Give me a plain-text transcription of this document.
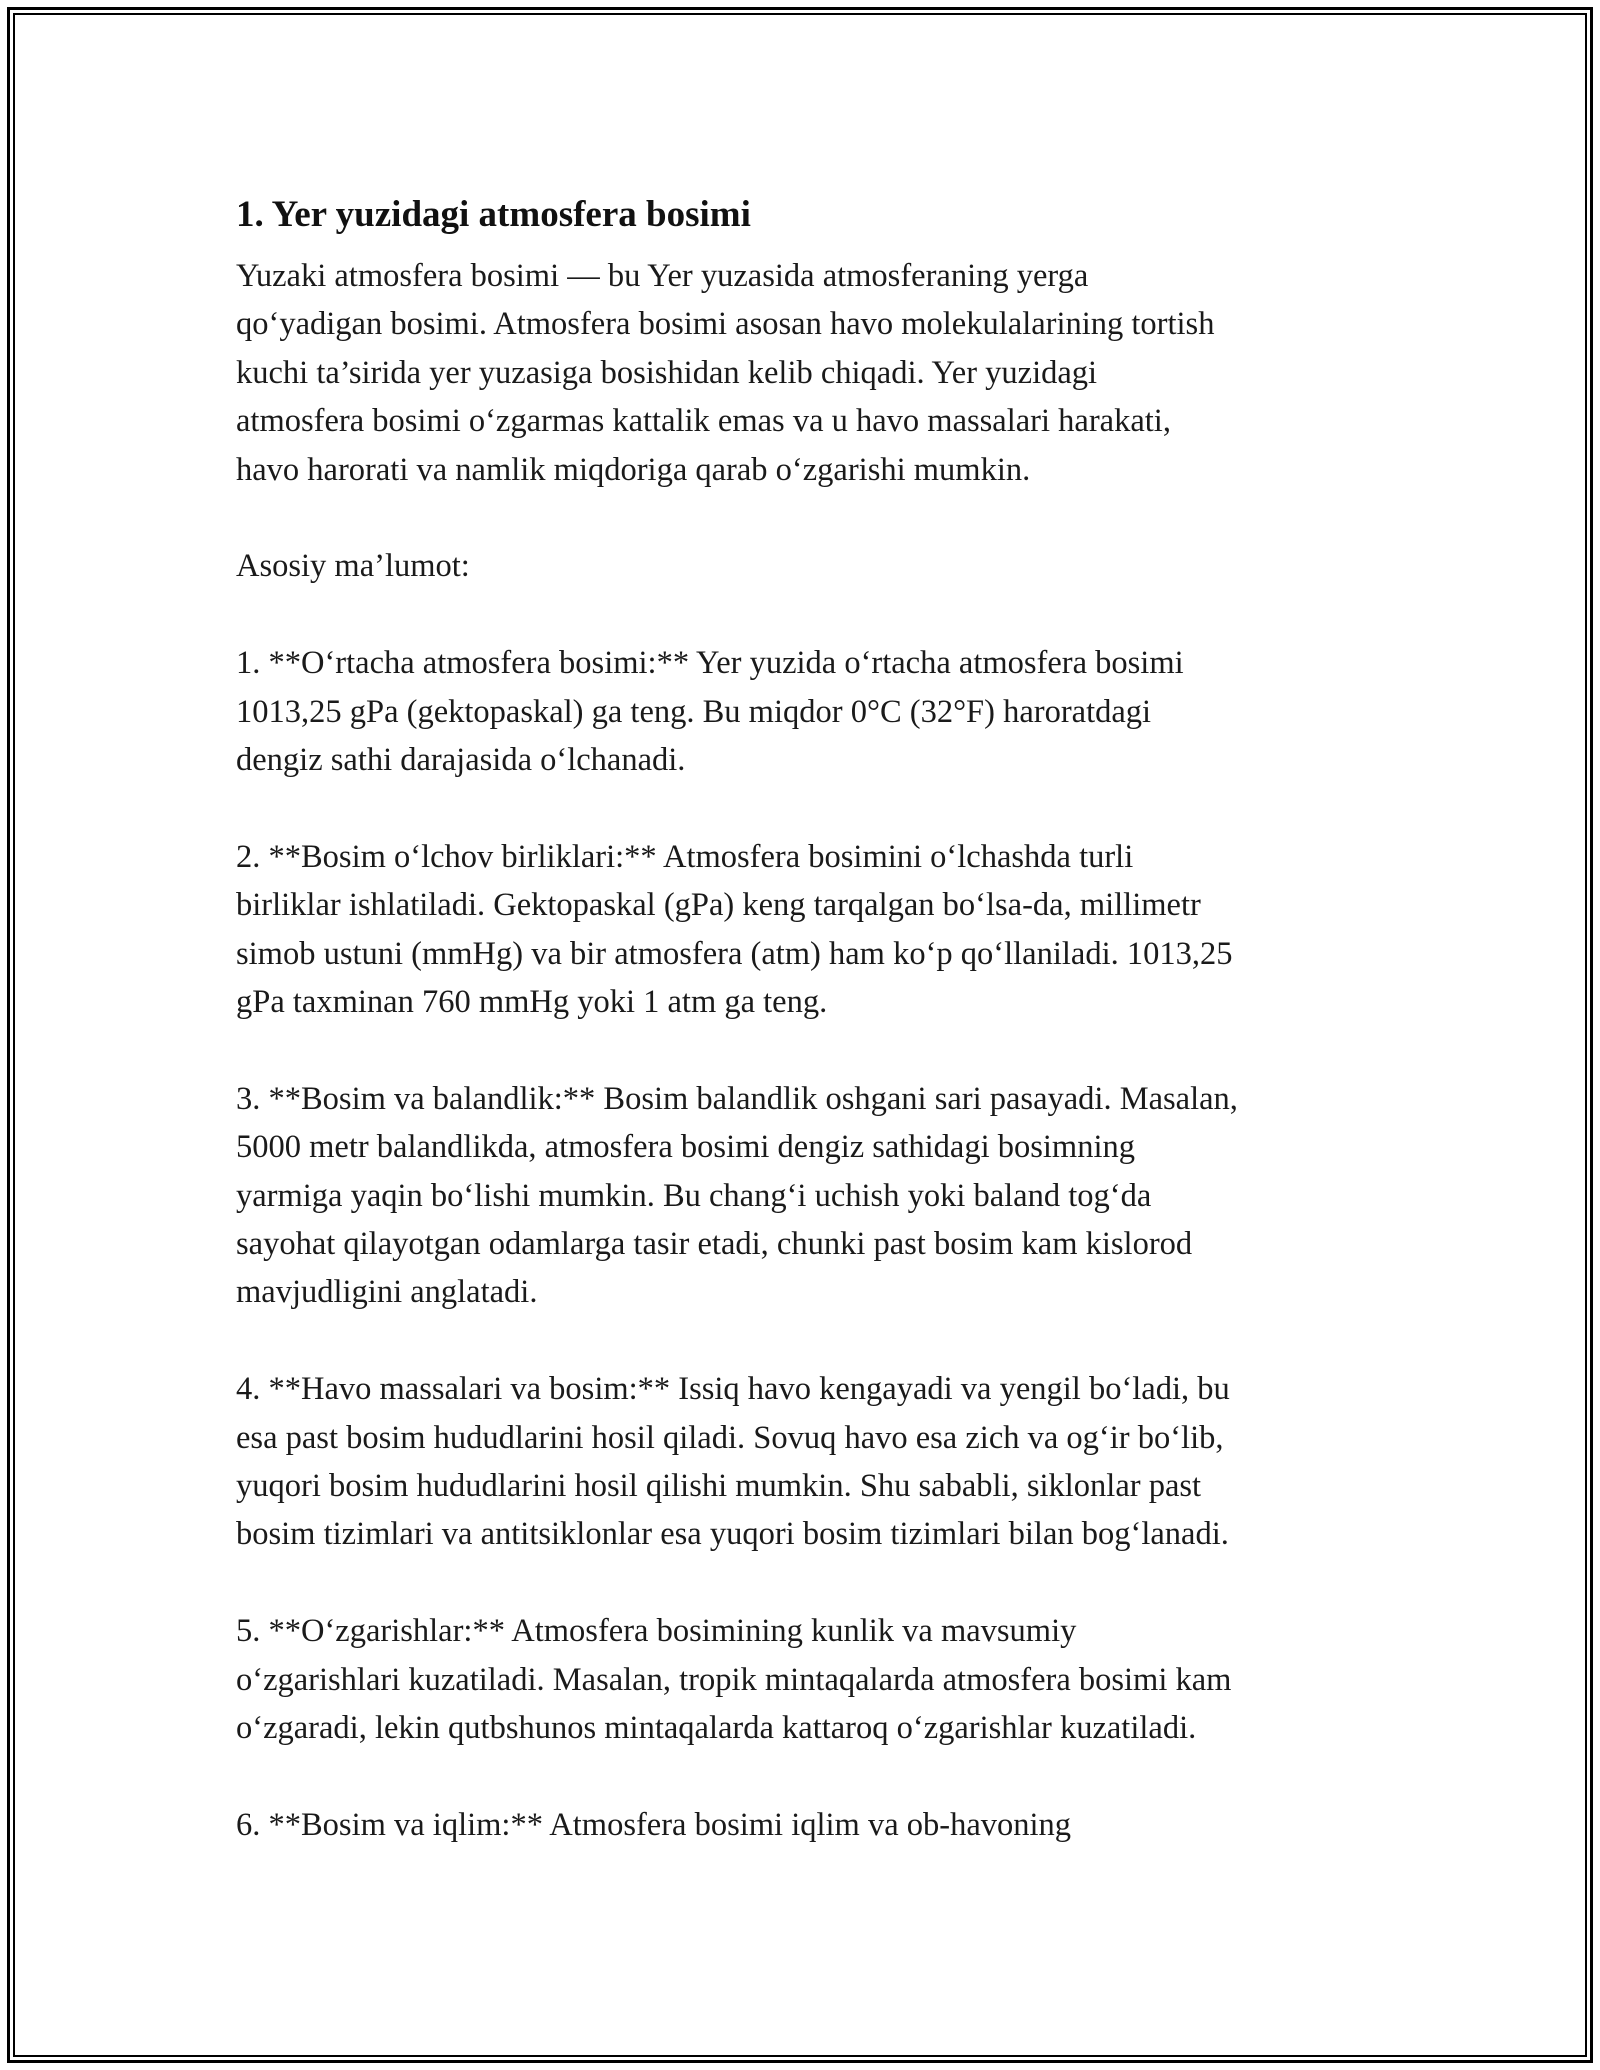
1. Yer yuzidagi atmosfera bosimi

Yuzaki atmosfera bosimi — bu Yer yuzasida atmosferaning yerga
qo‘yadigan bosimi. Atmosfera bosimi asosan havo molekulalarining tortish
kuchi ta’sirida yer yuzasiga bosishidan kelib chiqadi. Yer yuzidagi
atmosfera bosimi o‘zgarmas kattalik emas va u havo massalari harakati,
havo harorati va namlik miqdoriga qarab o‘zgarishi mumkin.

Asosiy ma’lumot:

1. **O‘rtacha atmosfera bosimi:** Yer yuzida o‘rtacha atmosfera bosimi
1013,25 gPa (gektopaskal) ga teng. Bu miqdor 0°C (32°F) haroratdagi
dengiz sathi darajasida o‘lchanadi.

2. **Bosim o‘lchov birliklari:** Atmosfera bosimini o‘lchashda turli
birliklar ishlatiladi. Gektopaskal (gPa) keng tarqalgan bo‘lsa-da, millimetr
simob ustuni (mmHg) va bir atmosfera (atm) ham ko‘p qo‘llaniladi. 1013,25
gPa taxminan 760 mmHg yoki 1 atm ga teng.

3. **Bosim va balandlik:** Bosim balandlik oshgani sari pasayadi. Masalan,
5000 metr balandlikda, atmosfera bosimi dengiz sathidagi bosimning
yarmiga yaqin bo‘lishi mumkin. Bu chang‘i uchish yoki baland tog‘da
sayohat qilayotgan odamlarga tasir etadi, chunki past bosim kam kislorod
mavjudligini anglatadi.

4. **Havo massalari va bosim:** Issiq havo kengayadi va yengil bo‘ladi, bu
esa past bosim hududlarini hosil qiladi. Sovuq havo esa zich va og‘ir bo‘lib,
yuqori bosim hududlarini hosil qilishi mumkin. Shu sababli, siklonlar past
bosim tizimlari va antitsiklonlar esa yuqori bosim tizimlari bilan bog‘lanadi.

5. **O‘zgarishlar:** Atmosfera bosimining kunlik va mavsumiy
o‘zgarishlari kuzatiladi. Masalan, tropik mintaqalarda atmosfera bosimi kam
o‘zgaradi, lekin qutbshunos mintaqalarda kattaroq o‘zgarishlar kuzatiladi.

6. **Bosim va iqlim:** Atmosfera bosimi iqlim va ob-havoning
